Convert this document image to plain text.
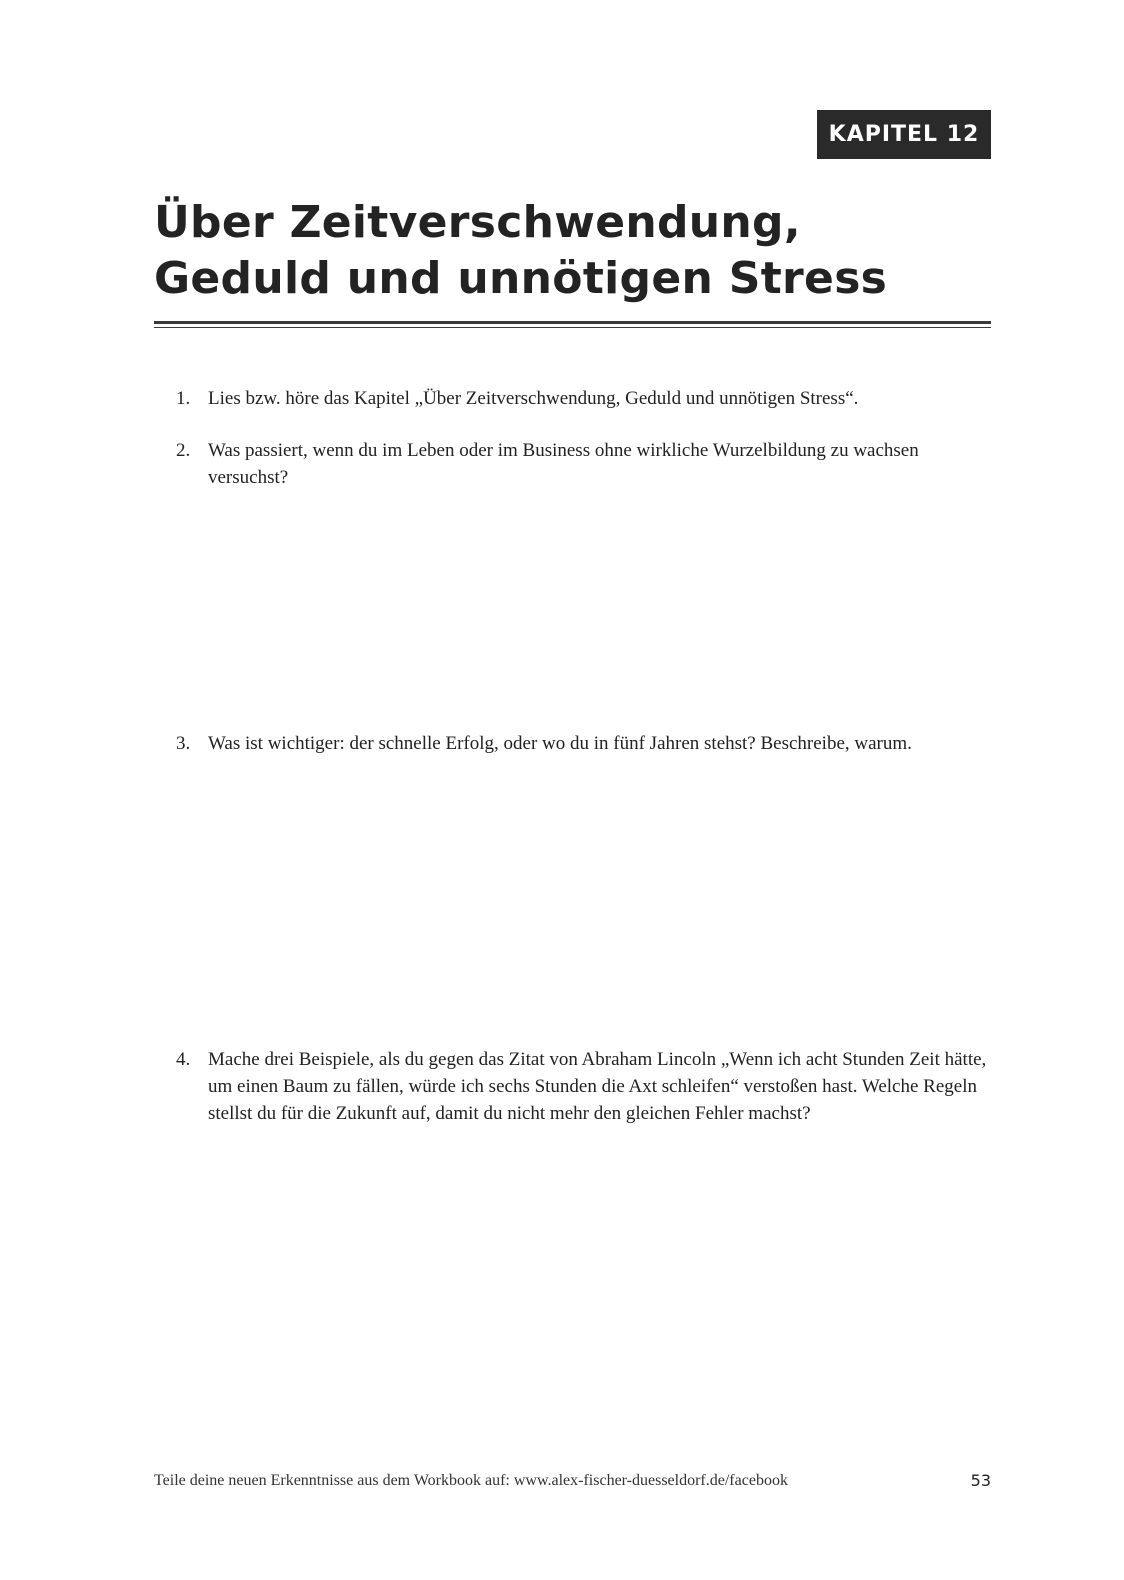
KAPITEL 12
Über Zeitverschwendung,
Geduld und unnötigen Stress
1. Lies bzw. höre das Kapitel „Über Zeitverschwendung, Geduld und unnötigen Stress“.
2. Was passiert, wenn du im Leben oder im Business ohne wirkliche Wurzelbildung zu wachsen versuchst?
3. Was ist wichtiger: der schnelle Erfolg, oder wo du in fünf Jahren stehst? Beschreibe, warum.
4. Mache drei Beispiele, als du gegen das Zitat von Abraham Lincoln „Wenn ich acht Stunden Zeit hätte, um einen Baum zu fällen, würde ich sechs Stunden die Axt schleifen“ verstoßen hast. Welche Regeln stellst du für die Zukunft auf, damit du nicht mehr den gleichen Fehler machst?
Teile deine neuen Erkenntnisse aus dem Workbook auf: www.alex-fischer-duesseldorf.de/facebook	53
